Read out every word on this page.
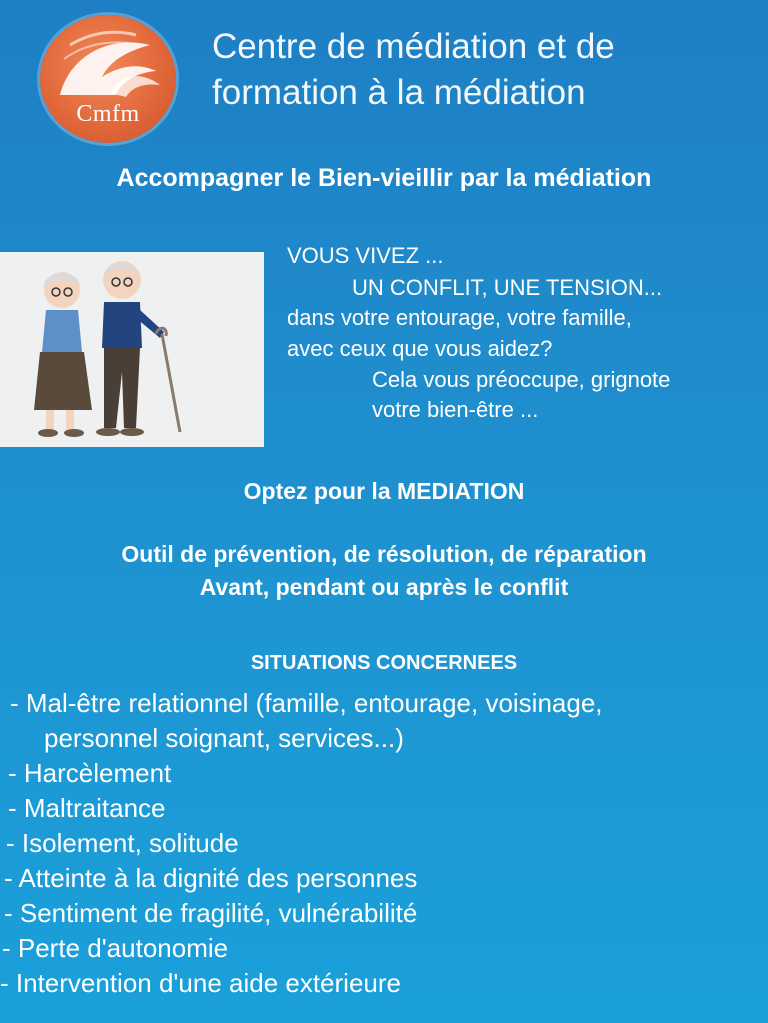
Cmfm
Centre de médiation et de
formation à la médiation
Accompagner le Bien-vieillir par la médiation
VOUS VIVEZ ...
UN CONFLIT, UNE TENSION...
dans votre entourage, votre famille,
avec ceux que vous aidez?
Cela vous préoccupe, grignote
votre bien-être ...
Optez pour la MEDIATION
Outil de prévention, de résolution, de réparation
Avant, pendant ou après le conflit
SITUATIONS CONCERNEES
- Mal-être relationnel (famille, entourage, voisinage,
personnel soignant, services...)
- Harcèlement
- Maltraitance
- Isolement, solitude
- Atteinte à la dignité des personnes
- Sentiment de fragilité, vulnérabilité
- Perte d'autonomie
- Intervention d'une aide extérieure
